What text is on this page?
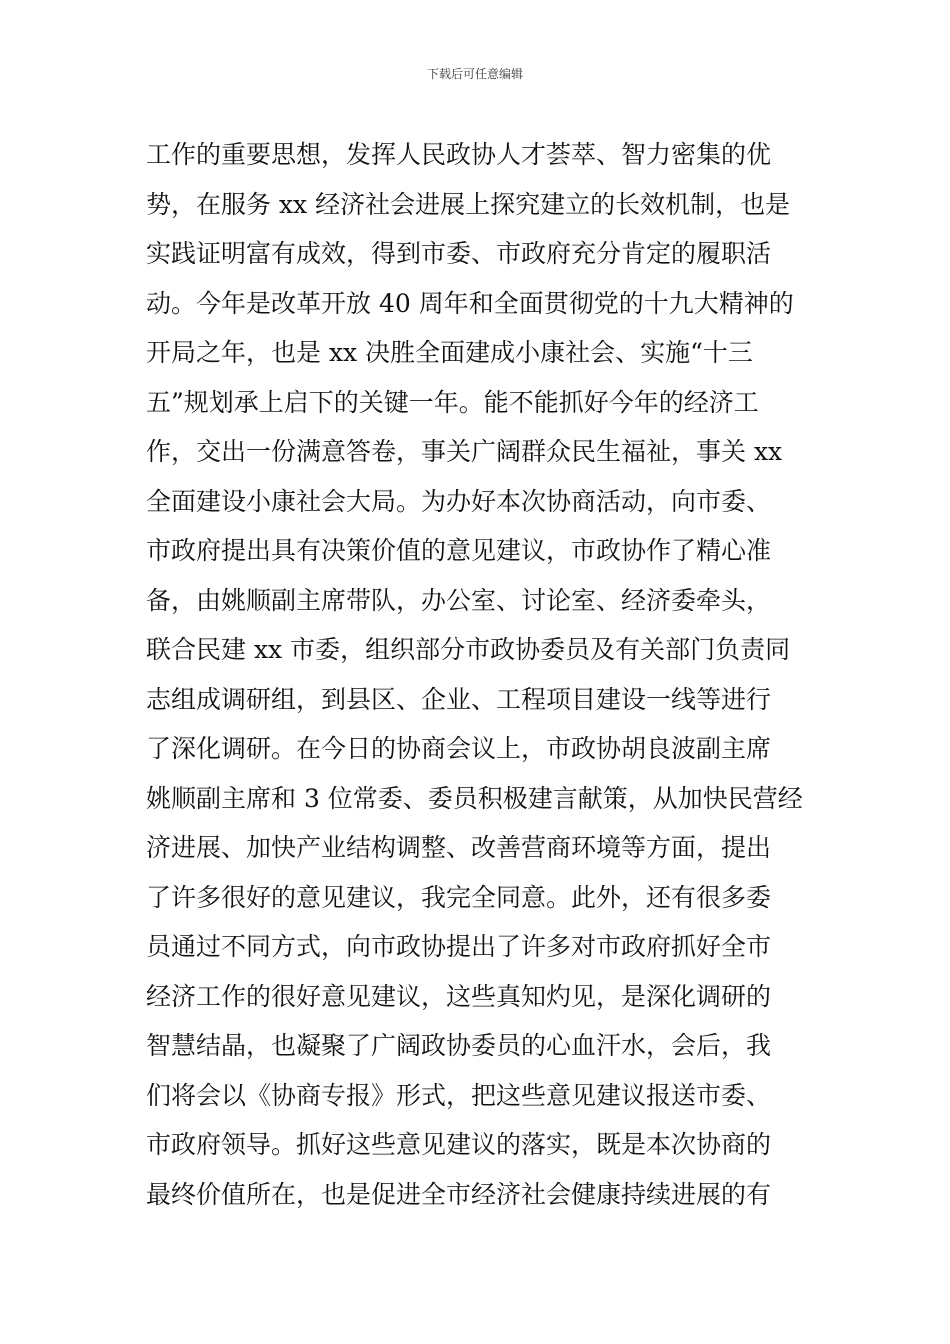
下载后可任意编辑
工作的重要思想，发挥人民政协人才荟萃、智力密集的优
势，在服务 xx 经济社会进展上探究建立的长效机制，也是
实践证明富有成效，得到市委、市政府充分肯定的履职活
动。今年是改革开放 40 周年和全面贯彻党的十九大精神的
开局之年，也是 xx 决胜全面建成小康社会、实施“十三
五”规划承上启下的关键一年。能不能抓好今年的经济工
作，交出一份满意答卷，事关广阔群众民生福祉，事关 xx
全面建设小康社会大局。为办好本次协商活动，向市委、
市政府提出具有决策价值的意见建议，市政协作了精心准
备，由姚顺副主席带队，办公室、讨论室、经济委牵头，
联合民建 xx 市委，组织部分市政协委员及有关部门负责同
志组成调研组，到县区、企业、工程项目建设一线等进行
了深化调研。在今日的协商会议上，市政协胡良波副主席
姚顺副主席和 3 位常委、委员积极建言献策，从加快民营经
济进展、加快产业结构调整、改善营商环境等方面，提出
了许多很好的意见建议，我完全同意。此外，还有很多委
员通过不同方式，向市政协提出了许多对市政府抓好全市
经济工作的很好意见建议，这些真知灼见，是深化调研的
智慧结晶，也凝聚了广阔政协委员的心血汗水，会后，我
们将会以《协商专报》形式，把这些意见建议报送市委、
市政府领导。抓好这些意见建议的落实，既是本次协商的
最终价值所在，也是促进全市经济社会健康持续进展的有
